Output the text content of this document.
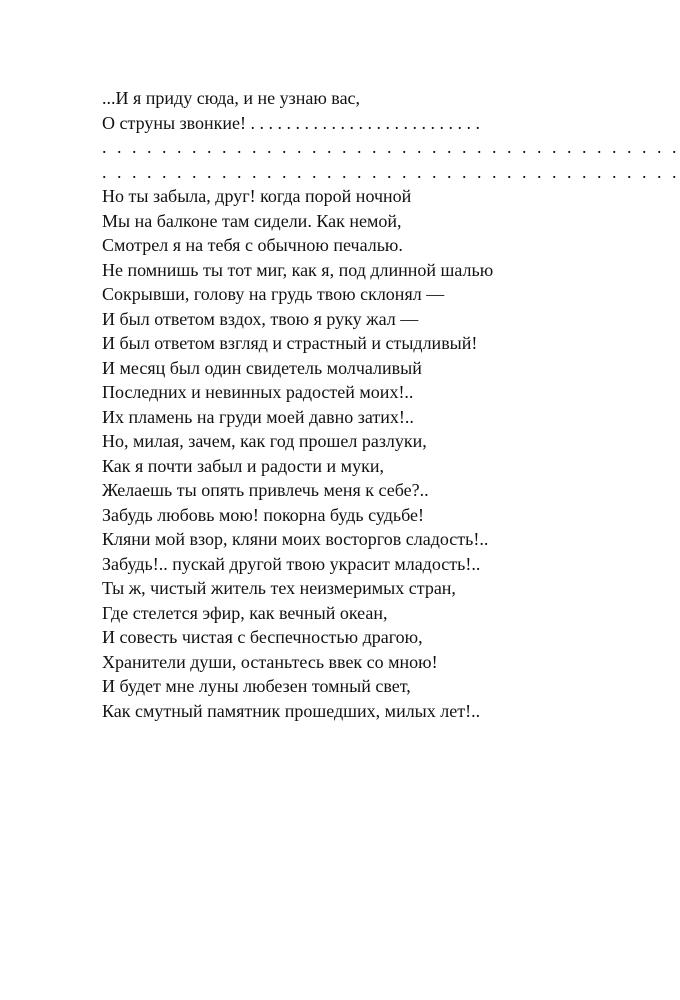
...И я приду сюда, и не узнаю вас,
О струны звонкие! . . . . . . . . . . . . . . . . . . . . . . . . . .
. . . . . . . . . . . . . . . . . . . . . . . . . . . . . . . . . . . . . . .
. . . . . . . . . . . . . . . . . . . . . . . . . . . . . . . . . . . . . . .
Но ты забыла, друг! когда порой ночной
Мы на балконе там сидели. Как немой,
Смотрел я на тебя с обычною печалью.
Не помнишь ты тот миг, как я, под длинной шалью
Сокрывши, голову на грудь твою склонял —
И был ответом вздох, твою я руку жал —
И был ответом взгляд и страстный и стыдливый!
И месяц был один свидетель молчаливый
Последних и невинных радостей моих!..
Их пламень на груди моей давно затих!..
Но, милая, зачем, как год прошел разлуки,
Как я почти забыл и радости и муки,
Желаешь ты опять привлечь меня к себе?..
Забудь любовь мою! покорна будь судьбе!
Кляни мой взор, кляни моих восторгов сладость!..
Забудь!.. пускай другой твою украсит младость!..
Ты ж, чистый житель тех неизмеримых стран,
Где стелется эфир, как вечный океан,
И совесть чистая с беспечностью драгою,
Хранители души, останьтесь ввек со мною!
И будет мне луны любезен томный свет,
Как смутный памятник прошедших, милых лет!..
